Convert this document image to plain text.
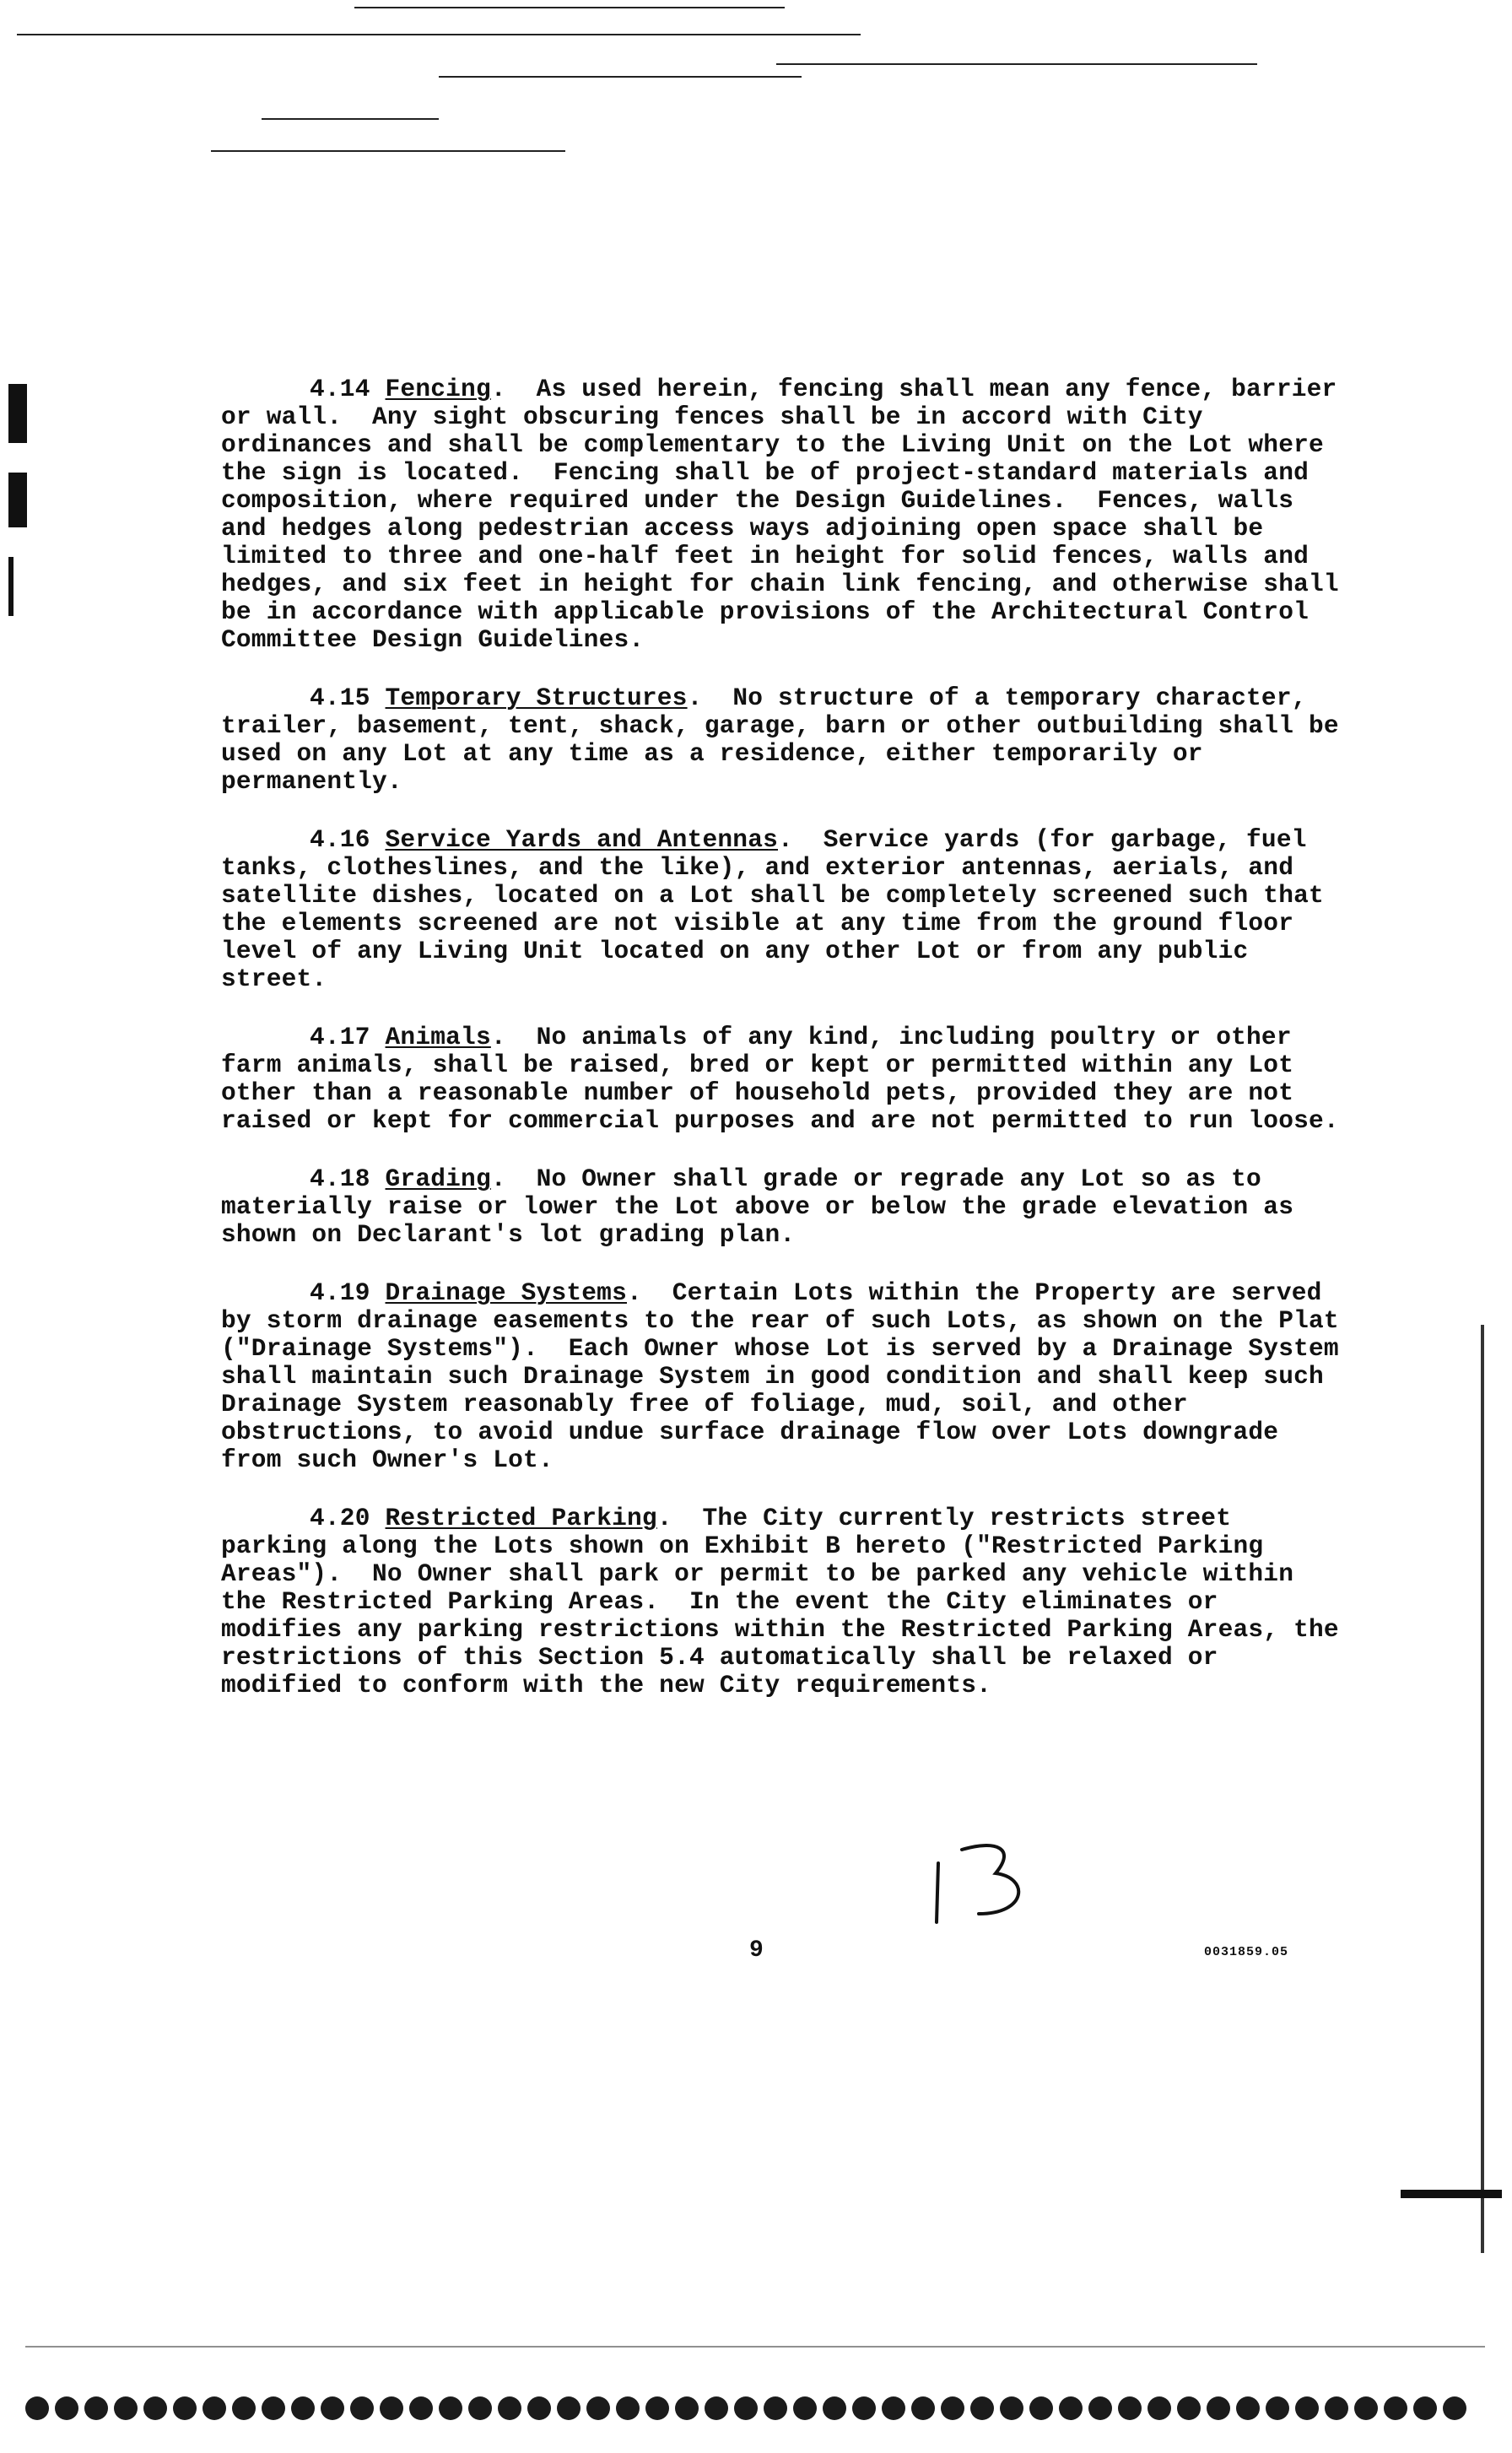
4.14 Fencing.  As used herein, fencing shall mean any fence, barrier or wall.  Any sight obscuring fences shall be in accord with City ordinances and shall be complementary to the Living Unit on the Lot where the sign is located.  Fencing shall be of project-standard materials and composition, where required under the Design Guidelines.  Fences, walls and hedges along pedestrian access ways adjoining open space shall be limited to three and one-half feet in height for solid fences, walls and hedges, and six feet in height for chain link fencing, and otherwise shall be in accordance with applicable provisions of the Architectural Control Committee Design Guidelines.

4.15 Temporary Structures.  No structure of a temporary character, trailer, basement, tent, shack, garage, barn or other outbuilding shall be used on any Lot at any time as a residence, either temporarily or permanently.

4.16 Service Yards and Antennas.  Service yards (for garbage, fuel tanks, clotheslines, and the like), and exterior antennas, aerials, and satellite dishes, located on a Lot shall be completely screened such that the elements screened are not visible at any time from the ground floor level of any Living Unit located on any other Lot or from any public street.

4.17 Animals.  No animals of any kind, including poultry or other farm animals, shall be raised, bred or kept or permitted within any Lot other than a reasonable number of household pets, provided they are not raised or kept for commercial purposes and are not permitted to run loose.

4.18 Grading.  No Owner shall grade or regrade any Lot so as to materially raise or lower the Lot above or below the grade elevation as shown on Declarant's lot grading plan.

4.19 Drainage Systems.  Certain Lots within the Property are served by storm drainage easements to the rear of such Lots, as shown on the Plat ("Drainage Systems").  Each Owner whose Lot is served by a Drainage System shall maintain such Drainage System in good condition and shall keep such Drainage System reasonably free of foliage, mud, soil, and other obstructions, to avoid undue surface drainage flow over Lots downgrade from such Owner's Lot.

4.20 Restricted Parking.  The City currently restricts street parking along the Lots shown on Exhibit B hereto ("Restricted Parking Areas").  No Owner shall park or permit to be parked any vehicle within the Restricted Parking Areas.  In the event the City eliminates or modifies any parking restrictions within the Restricted Parking Areas, the restrictions of this Section 5.4 automatically shall be relaxed or modified to conform with the new City requirements.

9	0031859.05
